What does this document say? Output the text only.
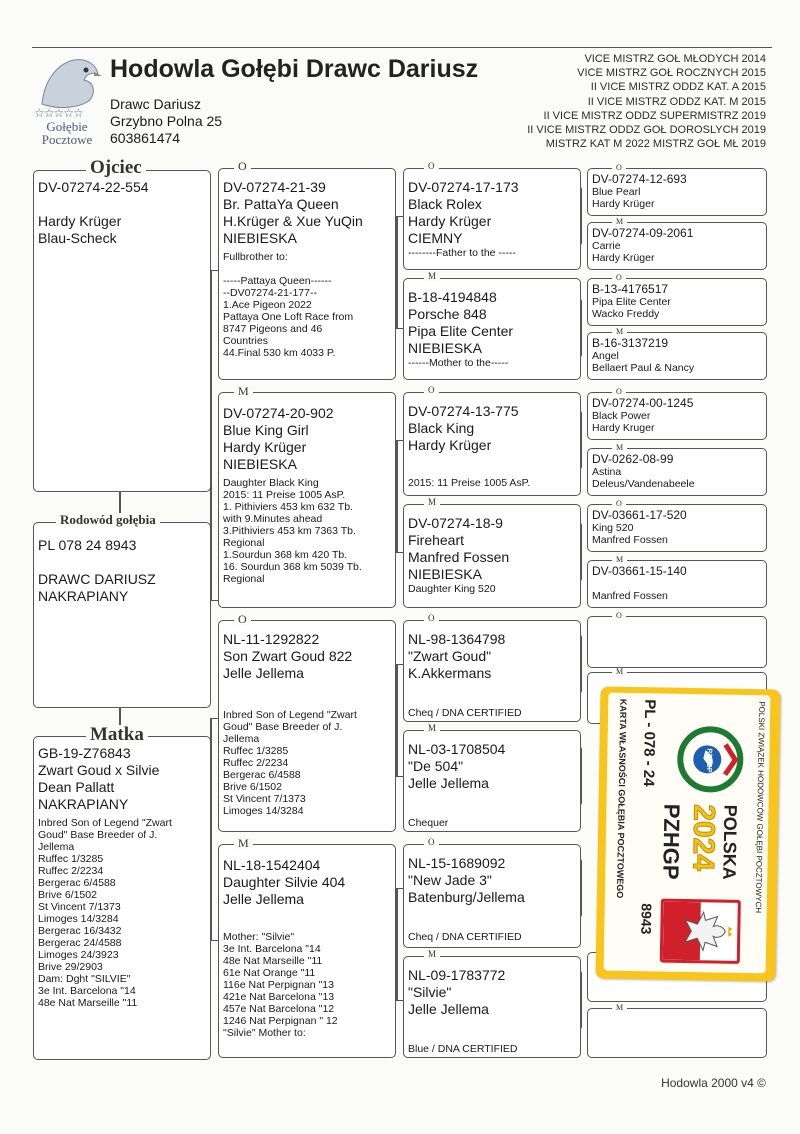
☆☆☆☆☆
Gołębie Pocztowe
Hodowla Gołębi Drawc Dariusz
Drawc Dariusz
Grzybno Polna 25
603861474
VICE MISTRZ GOŁ MŁODYCH 2014
VICE MISTRZ GOŁ ROCZNYCH 2015
II VICE MISTRZ ODDZ KAT. A 2015
II VICE MISTRZ ODDZ KAT. M 2015
II VICE MISTRZ ODDZ SUPERMISTRZ 2019
II VICE MISTRZ ODDZ GOŁ DOROSLYCH 2019
MISTRZ KAT M 2022 MISTRZ GOŁ MŁ 2019
DV-07274-22-554
Hardy Krüger
Blau-Scheck
Ojciec
PL 078 24 8943
DRAWC DARIUSZ
NAKRAPIANY
Rodowód gołębia
GB-19-Z76843
Zwart Goud x Silvie
Dean Pallatt
NAKRAPIANY
Inbred Son of Legend "Zwart
Goud" Base Breeder of J.
Jellema
Ruffec 1/3285
Ruffec 2/2234
Bergerac 6/4588
Brive 6/1502
St Vincent 7/1373
Limoges 14/3284
Bergerac 16/3432
Bergerac 24/4588
Limoges 24/3923
Brive 29/2903
Dam: Dght "SILVIE"
3e Int. Barcelona "14
48e Nat Marseille "11
Matka
DV-07274-21-39
Br. PattaYa Queen
H.Krüger & Xue YuQin
NIEBIESKA
Fullbrother to:
-----Pattaya Queen------
--DV07274-21-177--
1.Ace Pigeon 2022
Pattaya One Loft Race from
8747 Pigeons and 46
Countries
44.Final 530 km 4033 P.
O
DV-07274-20-902
Blue King Girl
Hardy Krüger
NIEBIESKA
Daughter Black King
2015: 11 Preise 1005 AsP.
1. Pithiviers 453 km 632 Tb.
with 9.Minutes ahead
3.Pithiviers 453 km 7363 Tb.
Regional
1.Sourdun 368 km 420 Tb.
16. Sourdun 368 km 5039 Tb.
Regional
M
NL-11-1292822
Son Zwart Goud 822
Jelle Jellema
Inbred Son of Legend "Zwart
Goud" Base Breeder of J.
Jellema
Ruffec 1/3285
Ruffec 2/2234
Bergerac 6/4588
Brive 6/1502
St Vincent 7/1373
Limoges 14/3284
O
NL-18-1542404
Daughter Silvie 404
Jelle Jellema
Mother: "Silvie"
3e Int. Barcelona "14
48e Nat Marseille "11
61e Nat Orange "11
116e Nat Perpignan "13
421e Nat Barcelona "13
457e Nat Barcelona "12
1246 Nat Perpignan " 12
"Silvie" Mother to:
M
DV-07274-17-173
Black Rolex
Hardy Krüger
CIEMNY
--------Father to the -----
O
B-18-4194848
Porsche 848
Pipa Elite Center
NIEBIESKA
------Mother to the-----
M
DV-07274-13-775
Black King
Hardy Krüger
2015: 11 Preise 1005 AsP.
O
DV-07274-18-9
Fireheart
Manfred Fossen
NIEBIESKA
Daughter King 520
M
NL-98-1364798
"Zwart Goud"
K.Akkermans
Cheq / DNA CERTIFIED
O
NL-03-1708504
"De 504"
Jelle Jellema
Chequer
M
NL-15-1689092
"New Jade 3"
Batenburg/Jellema
Cheq / DNA CERTIFIED
O
NL-09-1783772
"Silvie"
Jelle Jellema
Blue / DNA CERTIFIED
M
DV-07274-12-693
Blue Pearl
Hardy Krüger
O
DV-07274-09-2061
Carrie
Hardy Krüger
M
B-13-4176517
Pipa Elite Center
Wacko Freddy
O
B-16-3137219
Angel
Bellaert Paul & Nancy
M
DV-07274-00-1245
Black Power
Hardy Kruger
O
DV-0262-08-99
Astina
Deleus/Vandenabeele
M
DV-03661-17-520
King 520
Manfred Fossen
O
DV-03661-15-140
Manfred Fossen
M
O
M
M
POLSKI ZWIĄZEK HODOWCÓW GOŁĘBI POCZTOWYCH
POLSKA
2024
PZHGP
PZHGP
8943
PL - 078 - 24
KARTA WŁASNOŚCI GOŁĘBIA POCZTOWEGO
Hodowla 2000 v4 ©
